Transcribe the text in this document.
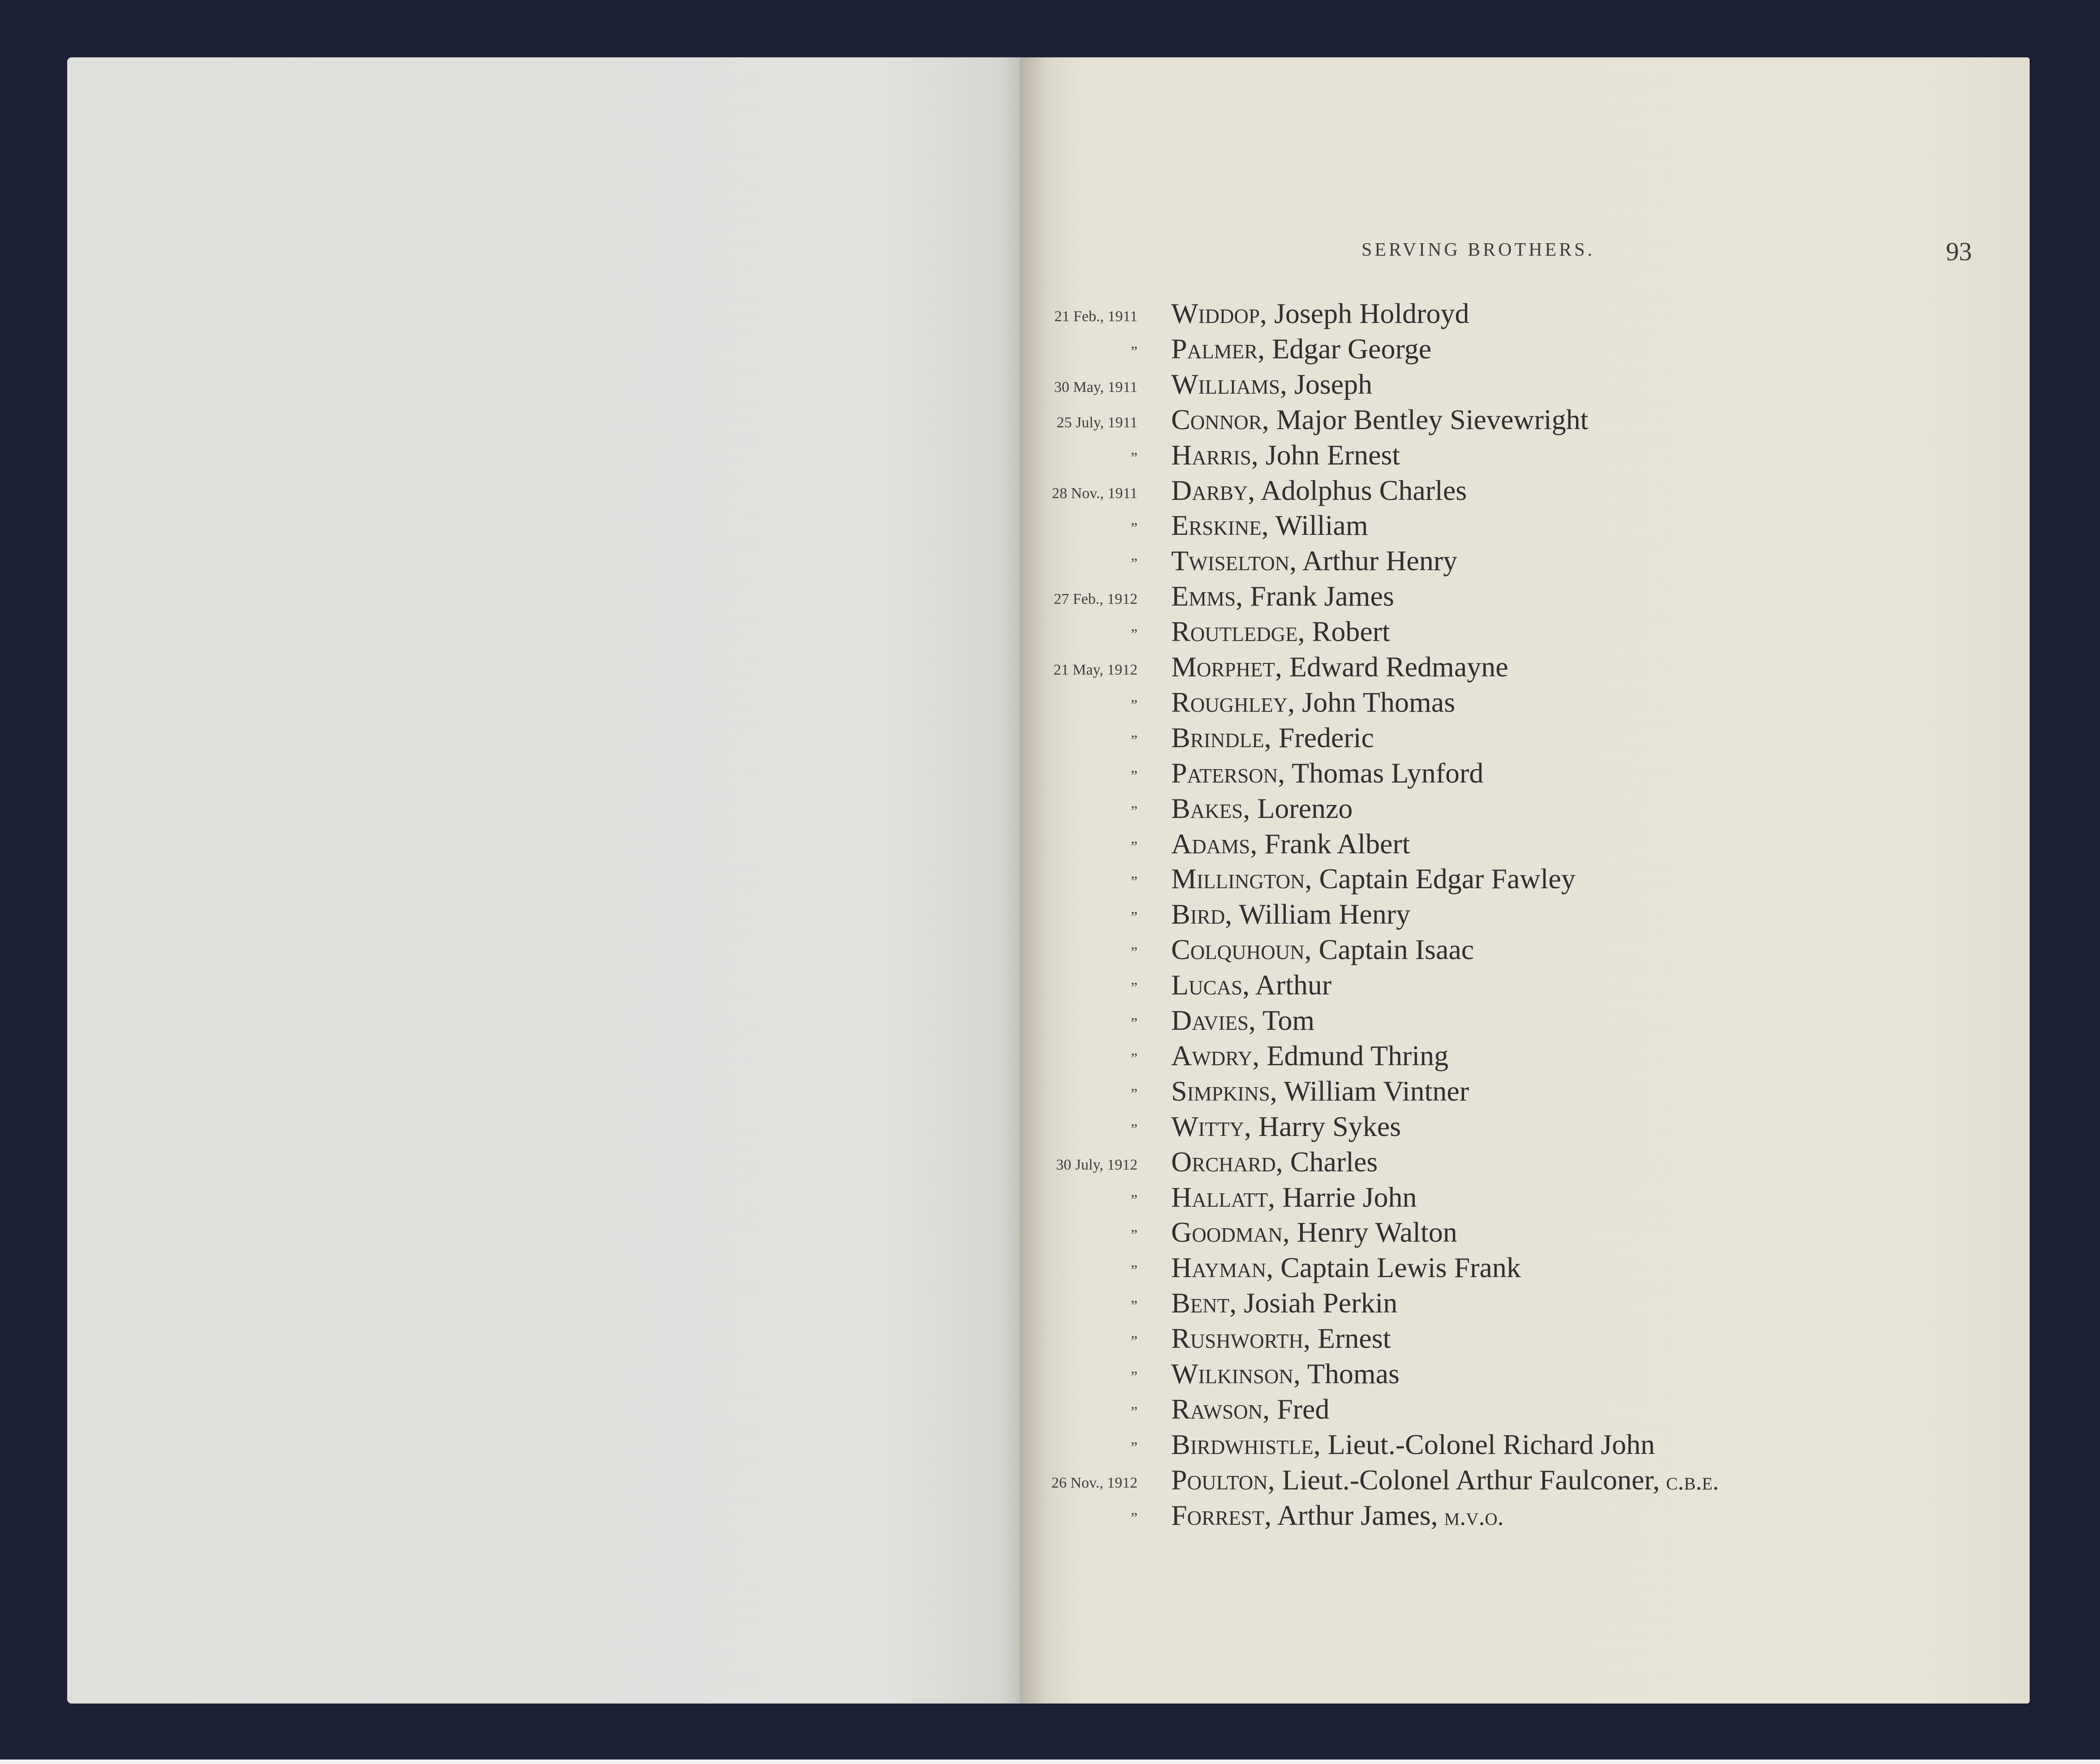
SERVING BROTHERS.	93
21 Feb., 1911 Widdop, Joseph Holdroyd
” Palmer, Edgar George
30 May, 1911 Williams, Joseph
25 July, 1911 Connor, Major Bentley Sievewright
” Harris, John Ernest
28 Nov., 1911 Darby, Adolphus Charles
” Erskine, William
” Twiselton, Arthur Henry
27 Feb., 1912 Emms, Frank James
” Routledge, Robert
21 May, 1912 Morphet, Edward Redmayne
” Roughley, John Thomas
” Brindle, Frederic
” Paterson, Thomas Lynford
” Bakes, Lorenzo
” Adams, Frank Albert
” Millington, Captain Edgar Fawley
” Bird, William Henry
” Colquhoun, Captain Isaac
” Lucas, Arthur
” Davies, Tom
” Awdry, Edmund Thring
” Simpkins, William Vintner
” Witty, Harry Sykes
30 July, 1912 Orchard, Charles
” Hallatt, Harrie John
” Goodman, Henry Walton
” Hayman, Captain Lewis Frank
” Bent, Josiah Perkin
” Rushworth, Ernest
” Wilkinson, Thomas
” Rawson, Fred
” Birdwhistle, Lieut.-Colonel Richard John
26 Nov., 1912 Poulton, Lieut.-Colonel Arthur Faulconer, c.b.e.
” Forrest, Arthur James, m.v.o.
